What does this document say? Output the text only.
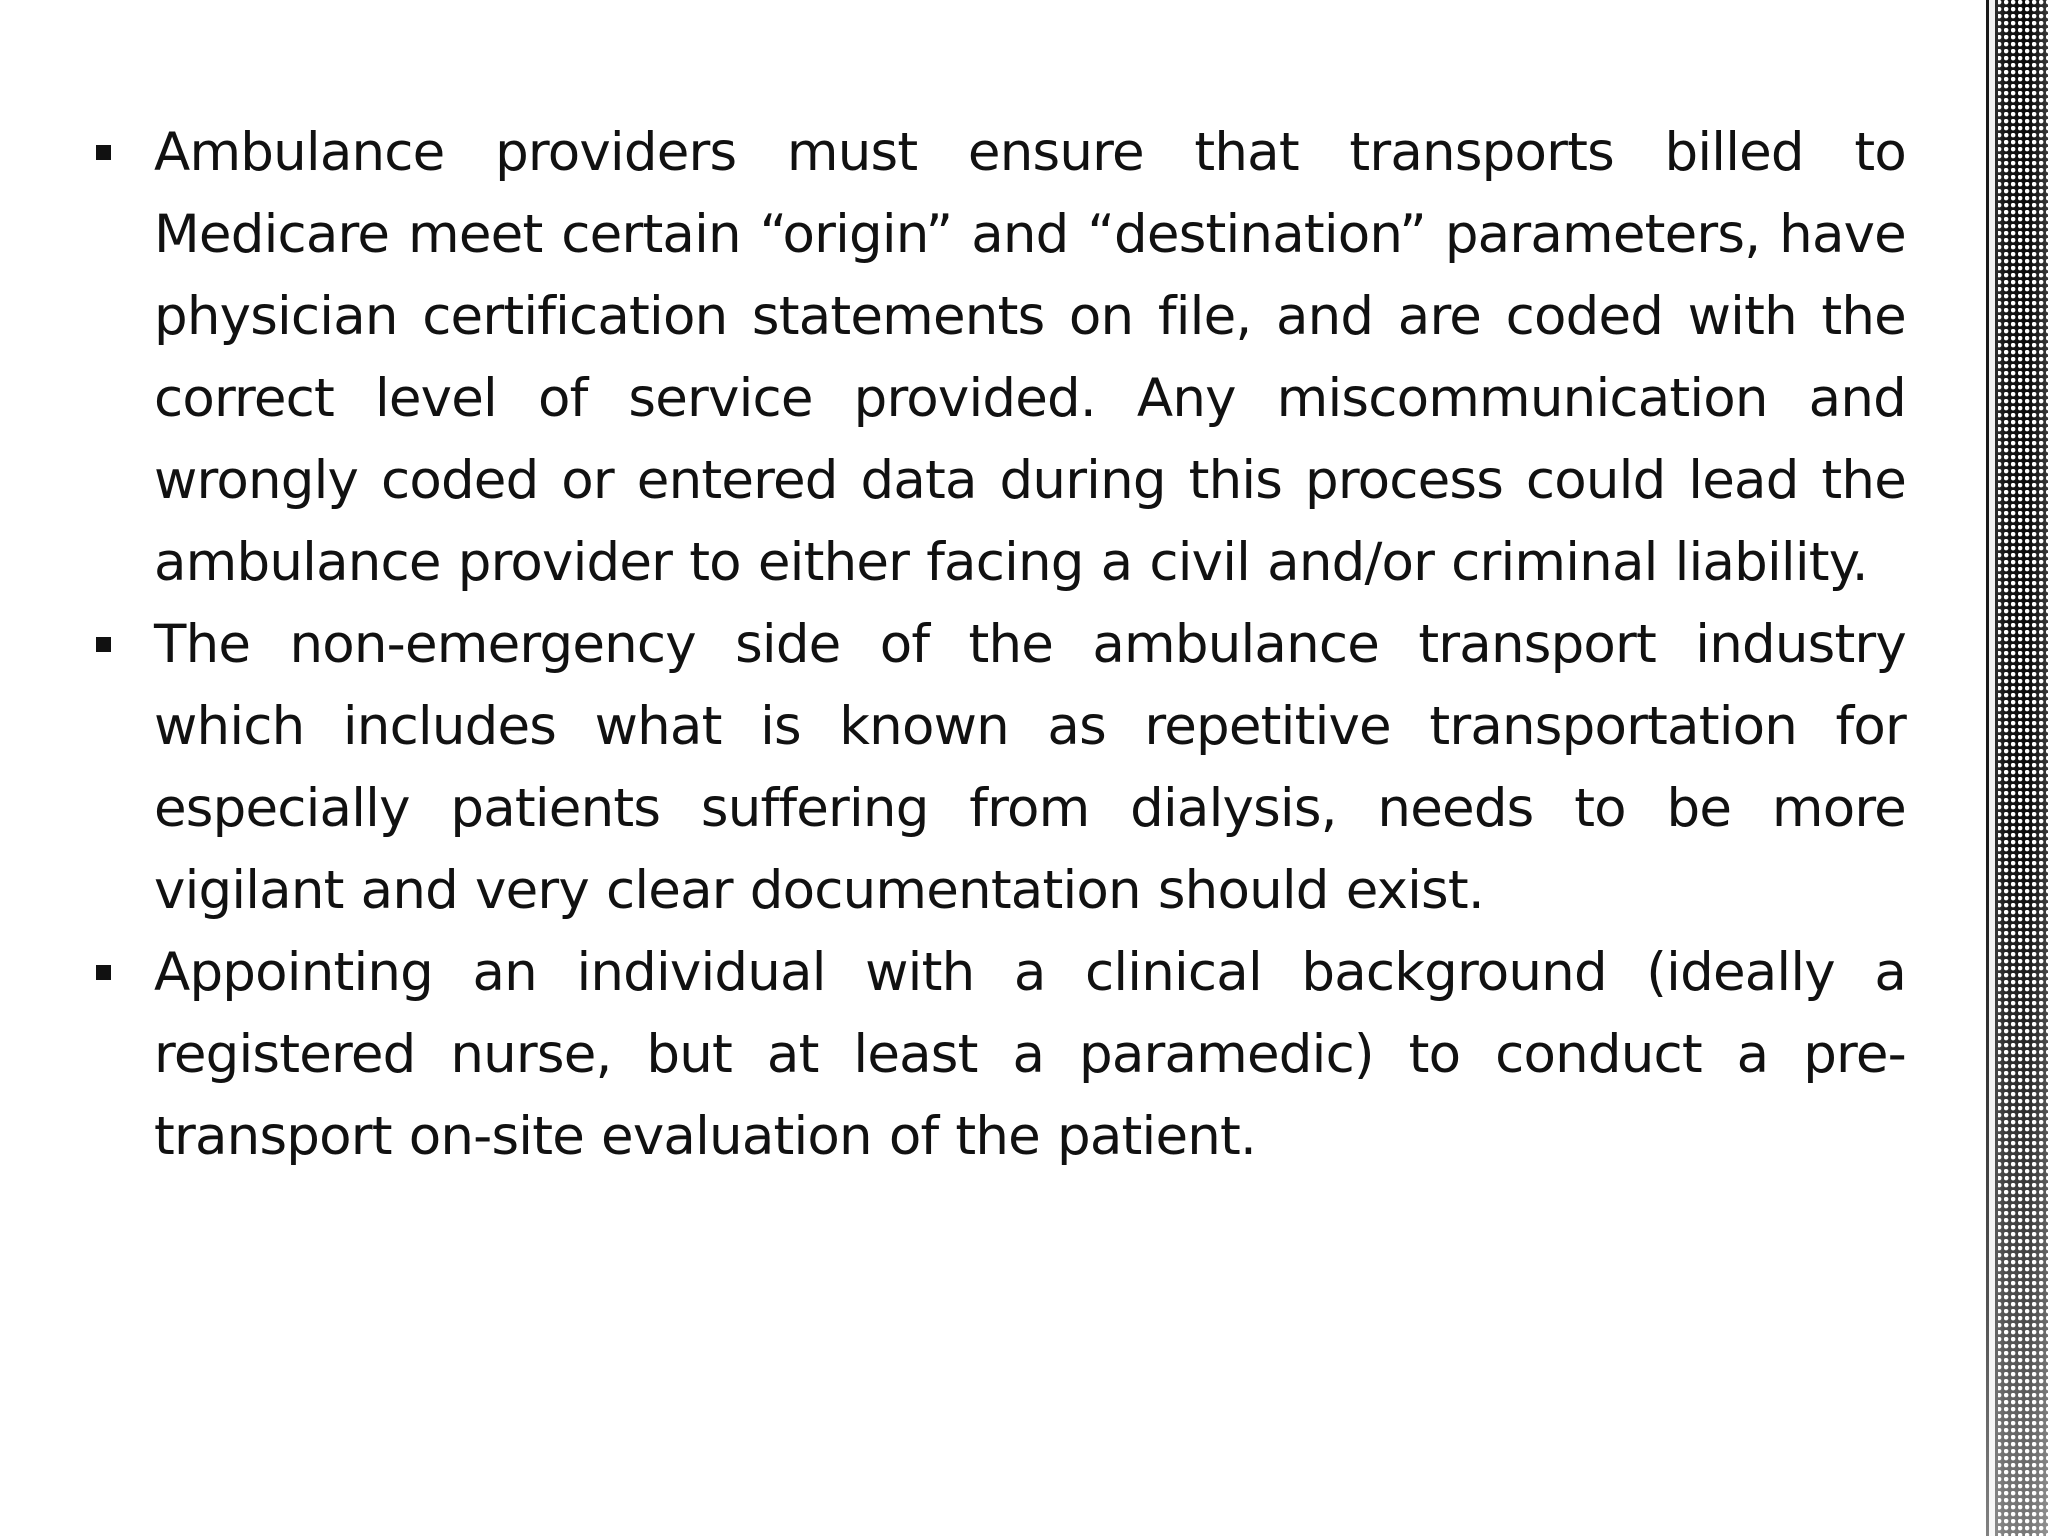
Ambulance providers must ensure that transports billed to Medicare meet certain “origin” and “destination” parameters, have physician certification statements on file, and are coded with the correct level of service provided. Any miscommunication and wrongly coded or entered data during this process could lead the ambulance provider to either facing a civil and/or criminal liability.
The non-emergency side of the ambulance transport industry which includes what is known as repetitive transportation for especially patients suffering from dialysis, needs to be more vigilant and very clear documentation should exist.
Appointing an individual with a clinical background (ideally a registered nurse, but at least a paramedic) to conduct a pre-transport on-site evaluation of the patient.
